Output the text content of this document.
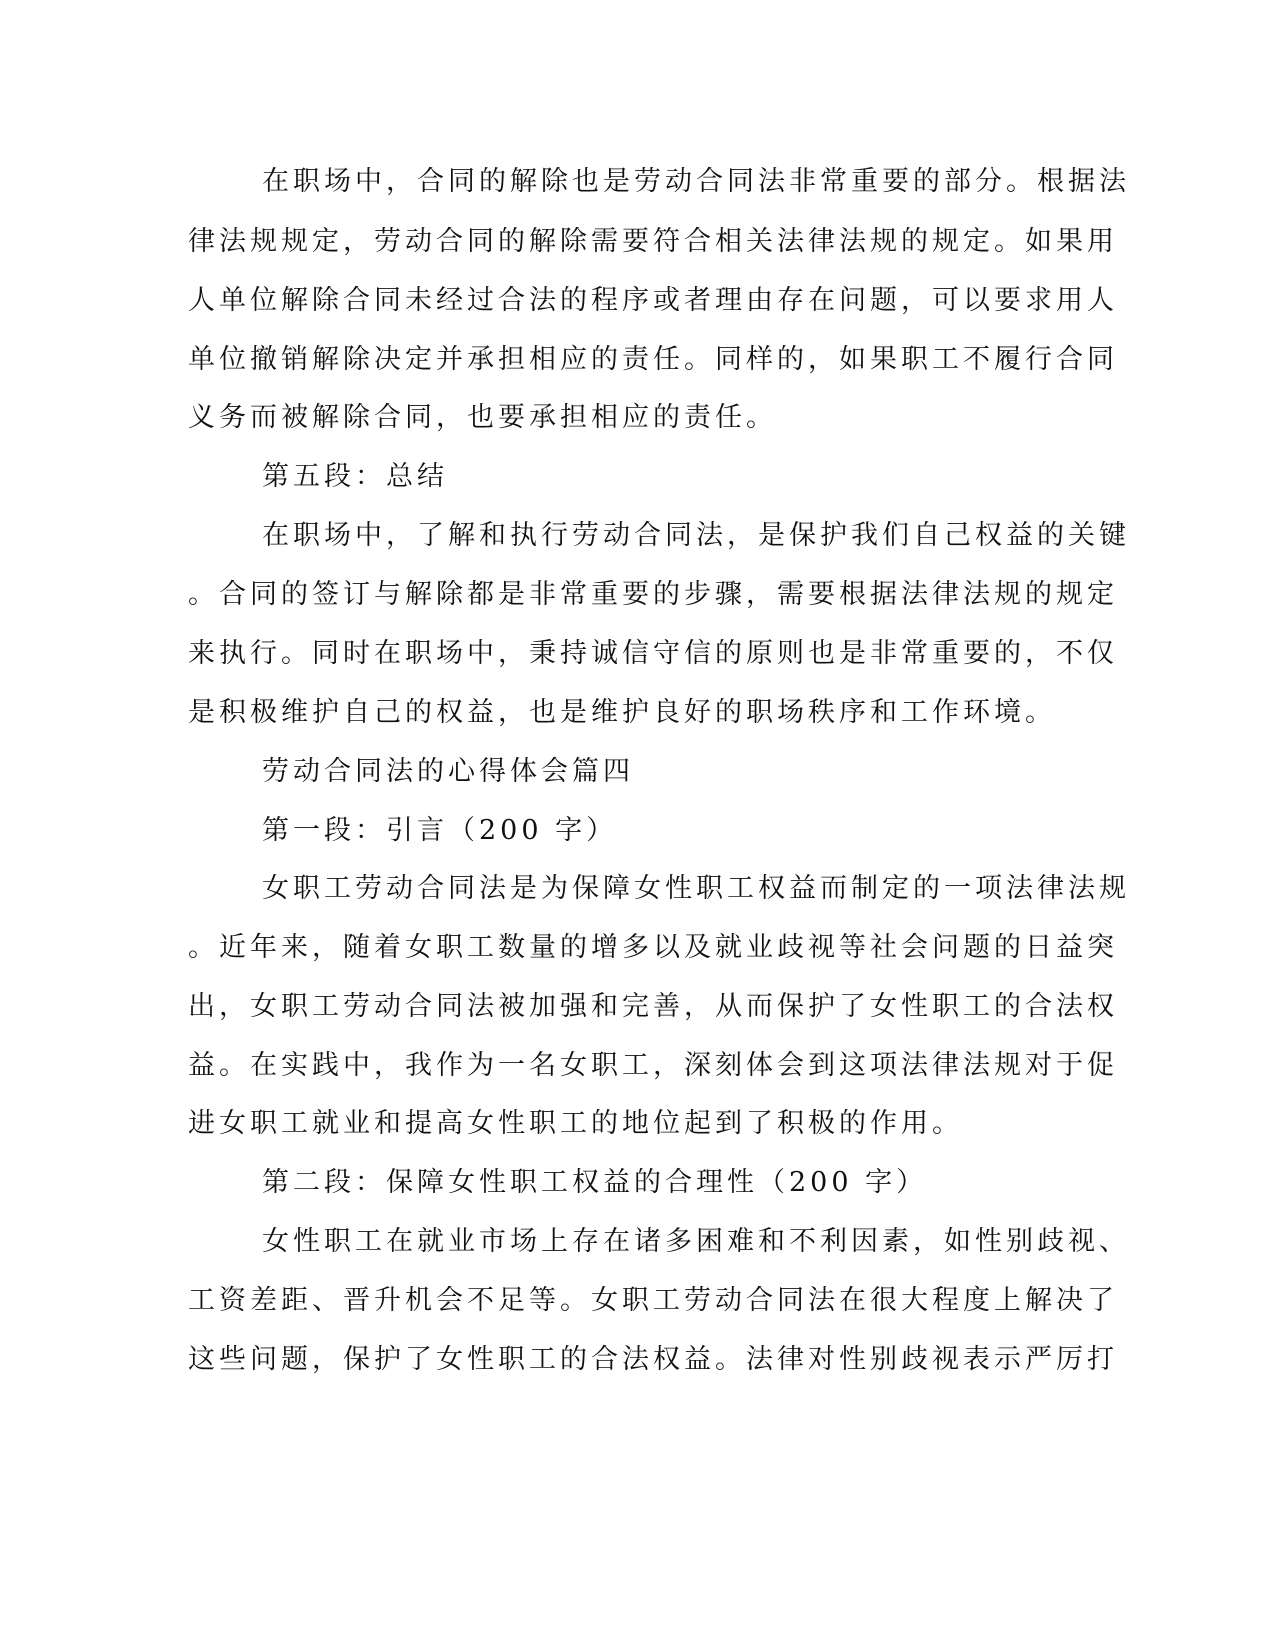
在职场中，合同的解除也是劳动合同法非常重要的部分。根据法
律法规规定，劳动合同的解除需要符合相关法律法规的规定。如果用
人单位解除合同未经过合法的程序或者理由存在问题，可以要求用人
单位撤销解除决定并承担相应的责任。同样的，如果职工不履行合同
义务而被解除合同，也要承担相应的责任。
第五段：总结
在职场中，了解和执行劳动合同法，是保护我们自己权益的关键
。合同的签订与解除都是非常重要的步骤，需要根据法律法规的规定
来执行。同时在职场中，秉持诚信守信的原则也是非常重要的，不仅
是积极维护自己的权益，也是维护良好的职场秩序和工作环境。
劳动合同法的心得体会篇四
第一段：引言（200 字）
女职工劳动合同法是为保障女性职工权益而制定的一项法律法规
。近年来，随着女职工数量的增多以及就业歧视等社会问题的日益突
出，女职工劳动合同法被加强和完善，从而保护了女性职工的合法权
益。在实践中，我作为一名女职工，深刻体会到这项法律法规对于促
进女职工就业和提高女性职工的地位起到了积极的作用。
第二段：保障女性职工权益的合理性（200 字）
女性职工在就业市场上存在诸多困难和不利因素，如性别歧视、
工资差距、晋升机会不足等。女职工劳动合同法在很大程度上解决了
这些问题，保护了女性职工的合法权益。法律对性别歧视表示严厉打
